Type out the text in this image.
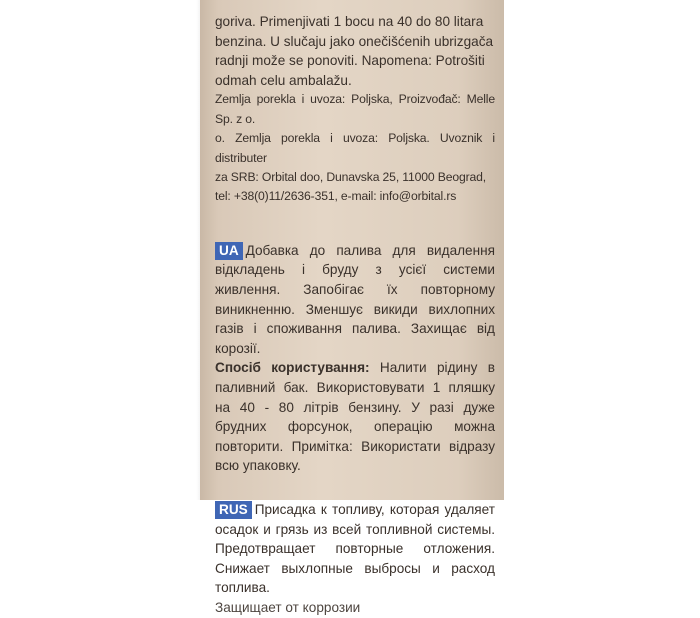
goriva. Primenjivati 1 bocu na 40 do 80 litara

benzina. U slučaju jako onečišćenih ubrizgača

radnji može se ponoviti. Napomena: Potrošiti

odmah celu ambalažu.

Zemlja porekla i uvoza: Poljska, Proizvođač: Melle Sp. z o.

o. Zemlja porekla i uvoza: Poljska. Uvoznik i distributer

za SRB: Orbital doo, Dunavska 25, 11000 Beograd,

tel: +38(0)11/2636-351, e-mail: info@orbital.rs

UA Добавка до палива для видалення відкладень і бруду з усієї системи живлення. Запобігає їх повторному виникненню. Зменшує викиди вихлопних газів і споживання палива. Захищає від корозії.

Спосіб користування: Налити рідину в паливний бак. Використовувати 1 пляшку на 40 - 80 літрів бензину. У разі дуже брудних форсунок, операцію можна повторити. Примітка: Використати відразу всю упаковку.

RUS Присадка к топливу, которая удаляет осадок и грязь из всей топливной системы. Предотвращает повторные отложения. Снижает выхлопные выбросы и расход топлива.

Защищает от коррозии
